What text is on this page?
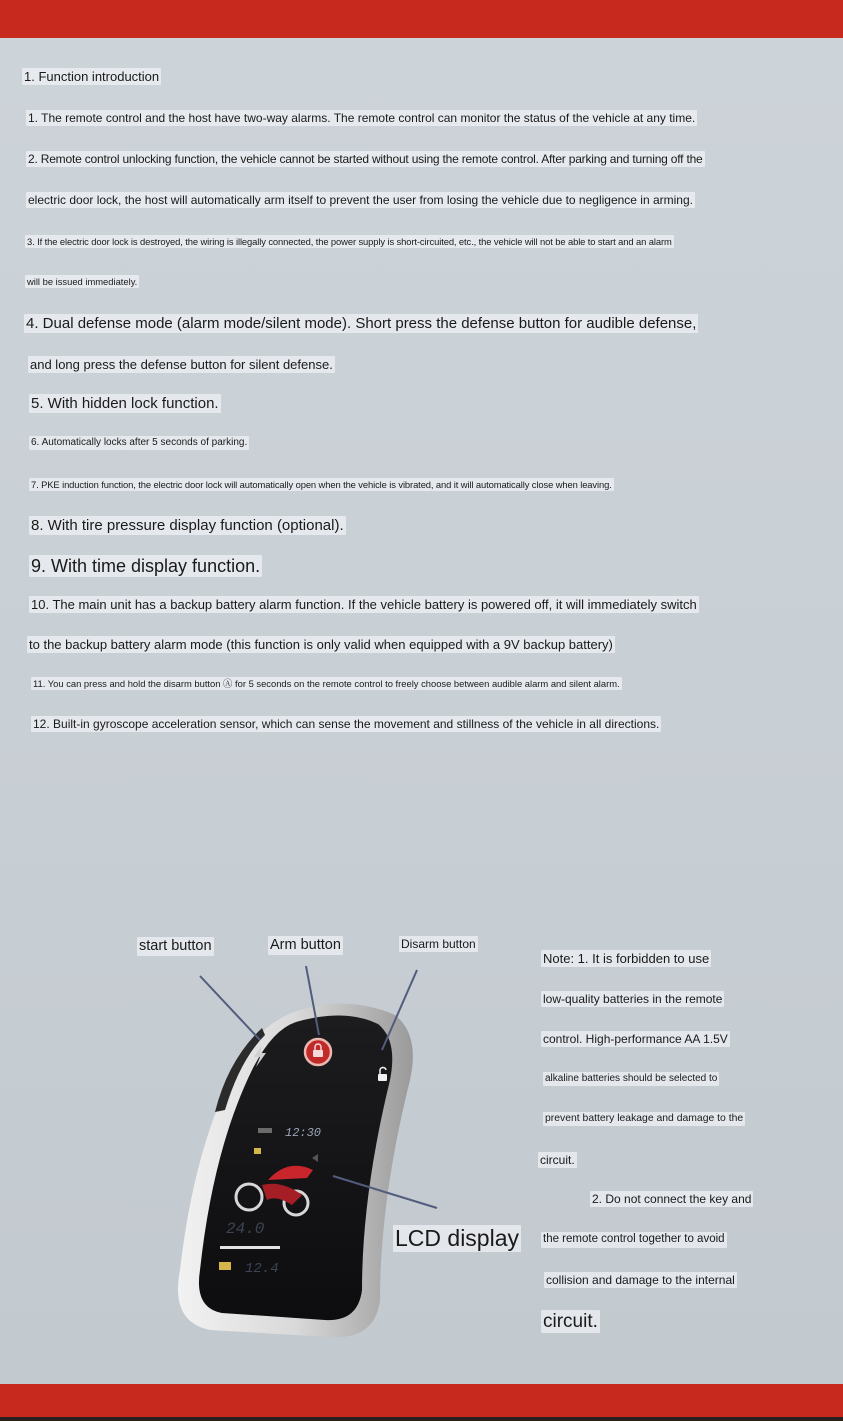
1. Function introduction
1. The remote control and the host have two-way alarms. The remote control can monitor the status of the vehicle at any time.
2. Remote control unlocking function, the vehicle cannot be started without using the remote control. After parking and turning off the
electric door lock, the host will automatically arm itself to prevent the user from losing the vehicle due to negligence in arming.
3. If the electric door lock is destroyed, the wiring is illegally connected, the power supply is short-circuited, etc., the vehicle will not be able to start and an alarm
will be issued immediately.
4. Dual defense mode (alarm mode/silent mode). Short press the defense button for audible defense,
and long press the defense button for silent defense.
5. With hidden lock function.
6. Automatically locks after 5 seconds of parking.
7. PKE induction function, the electric door lock will automatically open when the vehicle is vibrated, and it will automatically close when leaving.
8. With tire pressure display function (optional).
9. With time display function.
10. The main unit has a backup battery alarm function. If the vehicle battery is powered off, it will immediately switch
to the backup battery alarm mode (this function is only valid when equipped with a 9V backup battery)
11. You can press and hold the disarm button Ⓐ for 5 seconds on the remote control to freely choose between audible alarm and silent alarm.
12. Built-in gyroscope acceleration sensor, which can sense the movement and stillness of the vehicle in all directions.
12:30
24.0
12.4
start button	Arm button	Disarm button
LCD display
Note: 1. It is forbidden to use
low-quality batteries in the remote
control. High-performance AA 1.5V
alkaline batteries should be selected to
prevent battery leakage and damage to the
circuit.
2. Do not connect the key and
the remote control together to avoid
collision and damage to the internal
circuit.
